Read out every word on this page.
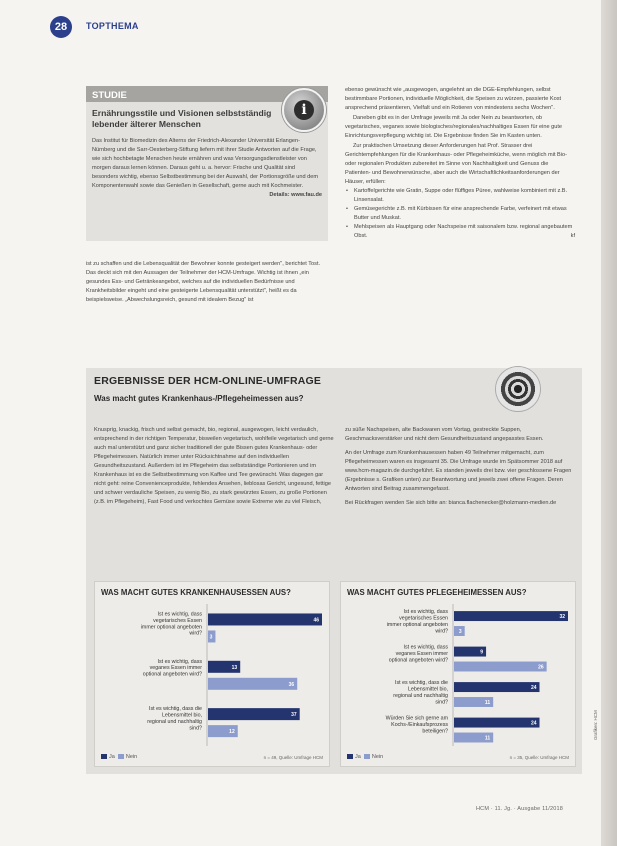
28	TOPTHEMA
STUDIE
Ernährungsstile und Visionen selbstständig lebender älterer Menschen
Das Institut für Biomedizin des Alterns der Friedrich-Alexander Universität Erlangen-Nürnberg und die Sarr-Oesterberg-Stiftung liefern mit ihrer Studie Antworten auf die Frage, wie sich hochbetagte Menschen heute ernähren und was Versorgungsdienstleister von morgen daraus lernen können. Daraus geht u. a. hervor: Frische und Qualität sind besonders wichtig, ebenso Selbstbestimmung bei der Auswahl, der Portionsgröße und dem Komponentenwahl sowie das Genießen in Gesellschaft, gerne auch mit Kochmeister.
Details: www.fau.de
i
ist zu schaffen und die Lebensqualität der Bewohner konnte gesteigert werden", berichtet Tost. Das deckt sich mit den Aussagen der Teilnehmer der HCM-Umfrage. Wichtig ist ihnen „ein gesundes Ess- und Getränkeangebot, welches auf die individuellen Bedürfnisse und Krankheitsbilder eingeht und eine gesteigerte Lebensqualität unterstützt", heißt es da beispielsweise. „Abwechslungsreich, gesund mit idealem Bezug" ist
ebenso gewünscht wie „ausgewogen, angelehnt an die DGE-Empfehlungen, selbst bestimmbare Portionen, individuelle Möglichkeit, die Speisen zu würzen, passierte Kost ansprechend präsentieren, Vielfalt und ein Rotieren von mindestens sechs Wochen".
Daneben gibt es in der Umfrage jeweils mit Ja oder Nein zu beantworten, ob vegetarisches, veganes sowie biologisches/regionales/nachhaltiges Essen für eine gute Einrichtungsverpflegung wichtig ist. Die Ergebnisse finden Sie im Kasten unten.
Zur praktischen Umsetzung dieser Anforderungen hat Prof. Strasser drei Gerichtempfehlungen für die Krankenhaus- oder Pflegeheimküche, wenn möglich mit Bio- oder regionalen Produkten zubereitet im Sinne von Nachhaltigkeit und Genuss die Patienten- und Bewohnerwünsche, aber auch die Wirtschaftlichkeitsanforderungen der Häuser, erfüllen:
• Kartoffelgerichte wie Gratin, Suppe oder flüffiges Püree, wahlweise kombiniert mit z.B. Linsensalat.
• Gemüsegerichte z.B. mit Kürbissen für eine ansprechende Farbe, verfeinert mit etwas Butter und Muskat.
• Mehlspeisen als Hauptgang oder Nachspeise mit saisonalem bzw. regional angebautem Obst.	kf
ERGEBNISSE DER HCM-ONLINE-UMFRAGE
Was macht gutes Krankenhaus-/Pflegeheimessen aus?
Knusprig, knackig, frisch und selbst gemacht, bio, regional, ausgewogen, leicht verdaulich, entsprechend in der richtigen Temperatur, bisweilen vegetarisch, wohlfeile vegetarisch und gerne auch mal unterstützt und ganz sicher traditionell der gute Bissen gutes Krankenhaus- oder Pflegeheimessen. Natürlich immer unter Rücksichtnahme auf den individuellen Gesundheitszustand. Außerdem ist im Pflegeheim das selbstständige Portionieren und im Krankenhaus ist es die Selbstbestimmung von Kaffee und Tee gewünscht. Was dagegen gar nicht geht: reine Convenienceprodukte, fehlendes Ansehen, lieblosas Gericht, ungesund, fettige und schwer verdauliche Speisen, zu wenig Bio, zu stark gewürztes Essen, zu große Portionen (z.B. im Pflegeheim), Fast Food und verkochtes Gemüse sowie Extreme wie zu viel Fleisch,
zu süße Nachspeisen, alte Backwaren vom Vortag, gestreckte Suppen, Geschmacksverstärker und nicht dem Gesundheitszustand angepasstes Essen.
An der Umfrage zum Krankenhausessen haben 49 Teilnehmer mitgemacht, zum Pflegeheimessen waren es insgesamt 35. Die Umfrage wurde im Spätsommer 2018 auf www.hcm-magazin.de durchgeführt. Es standen jeweils drei bzw. vier geschlossene Fragen (Ergebnisse s. Grafiken unten) zur Beantwortung und jeweils zwei offene Fragen. Deren Antworten sind Beitrag zusammengefasst.
Bei Rückfragen wenden Sie sich bitte an: bianca.flachenecker@holzmann-medien.de
WAS MACHT GUTES KRANKENHAUSESSEN AUS?
Ist es wichtig, dass vegetarisches Essen immer optional angeboten wird?
46
3
Ist es wichtig, dass veganes Essen immer optional angeboten wird?
13
36
Ist es wichtig, dass die Lebensmittel bio, regional und nachhaltig sind?
37
12
Ja Nein	n = 49, Quelle: Umfrage HCM
WAS MACHT GUTES PFLEGEHEIMESSEN AUS?
Ist es wichtig, dass vegetarisches Essen immer optional angeboten wird?
32
3
Ist es wichtig, dass veganes Essen immer optional angeboten wird?
9
26
Ist es wichtig, dass die Lebensmittel bio, regional und nachhaltig sind?
24
11
Würden Sie sich gerne am Kochs-/Einkaufsprozess beteiligen?
24
11
Ja Nein	n = 35, Quelle: Umfrage HCM
HCM · 11. Jg. · Ausgabe 11/2018
Grafiken: HCM
